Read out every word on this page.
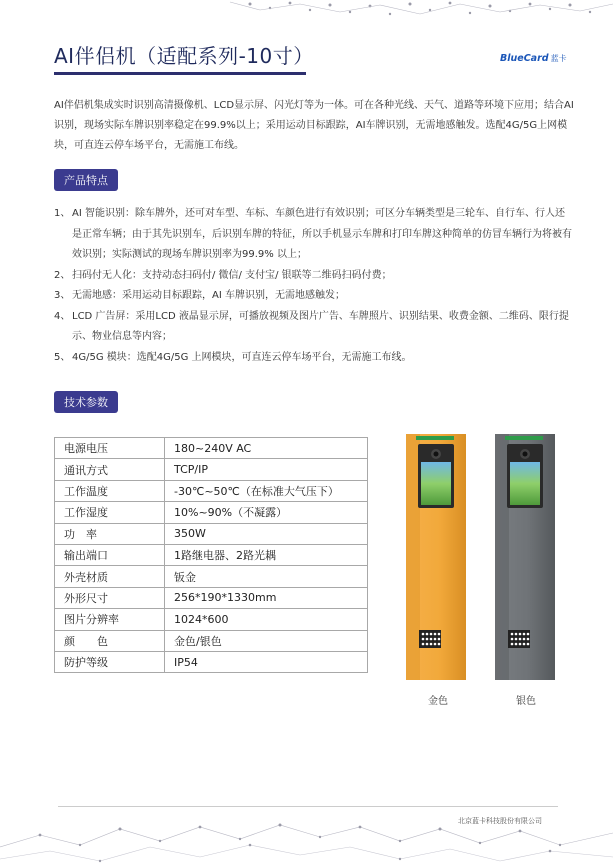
AI伴侣机（适配系列-10寸）	BlueCard 蓝卡

AI伴侣机集成实时识别高清摄像机、LCD显示屏、闪光灯等为一体。可在各种光线、天气、道路等环境下应用；结合AI识别，现场实际车牌识别率稳定在99.9%以上；采用运动目标跟踪，AI车牌识别，无需地感触发。选配4G/5G上网模块，可直连云停车场平台，无需施工布线。

产品特点
1、 AI 智能识别：除车牌外，还可对车型、车标、车颜色进行有效识别；可区分车辆类型是三轮车、自行车、行人还是正常车辆；由于其先识别车，后识别车牌的特征，所以手机显示车牌和打印车牌这种简单的仿冒车辆行为将被有效识别；实际测试的现场车牌识别率为99.9% 以上；
2、 扫码付无人化：支持动态扫码付/ 微信/ 支付宝/ 银联等二维码扫码付费；
3、 无需地感：采用运动目标跟踪，AI 车牌识别，无需地感触发；
4、 LCD 广告屏：采用LCD 液晶显示屏，可播放视频及图片广告、车牌照片、识别结果、收费金额、二维码、限行提示、物业信息等内容；
5、 4G/5G 模块：选配4G/5G 上网模块，可直连云停车场平台，无需施工布线。
技术参数
电源电压	180~240V AC
通讯方式	TCP/IP
工作温度	-30℃~50℃（在标准大气压下）
工作湿度	10%~90%（不凝露）
功　率	350W
输出端口	1路继电器、2路光耦
外壳材质	钣金
外形尺寸	256*190*1330mm
图片分辨率	1024*600
颜　　色	金色/银色
防护等级	IP54
金色	银色
北京蓝卡科技股份有限公司
